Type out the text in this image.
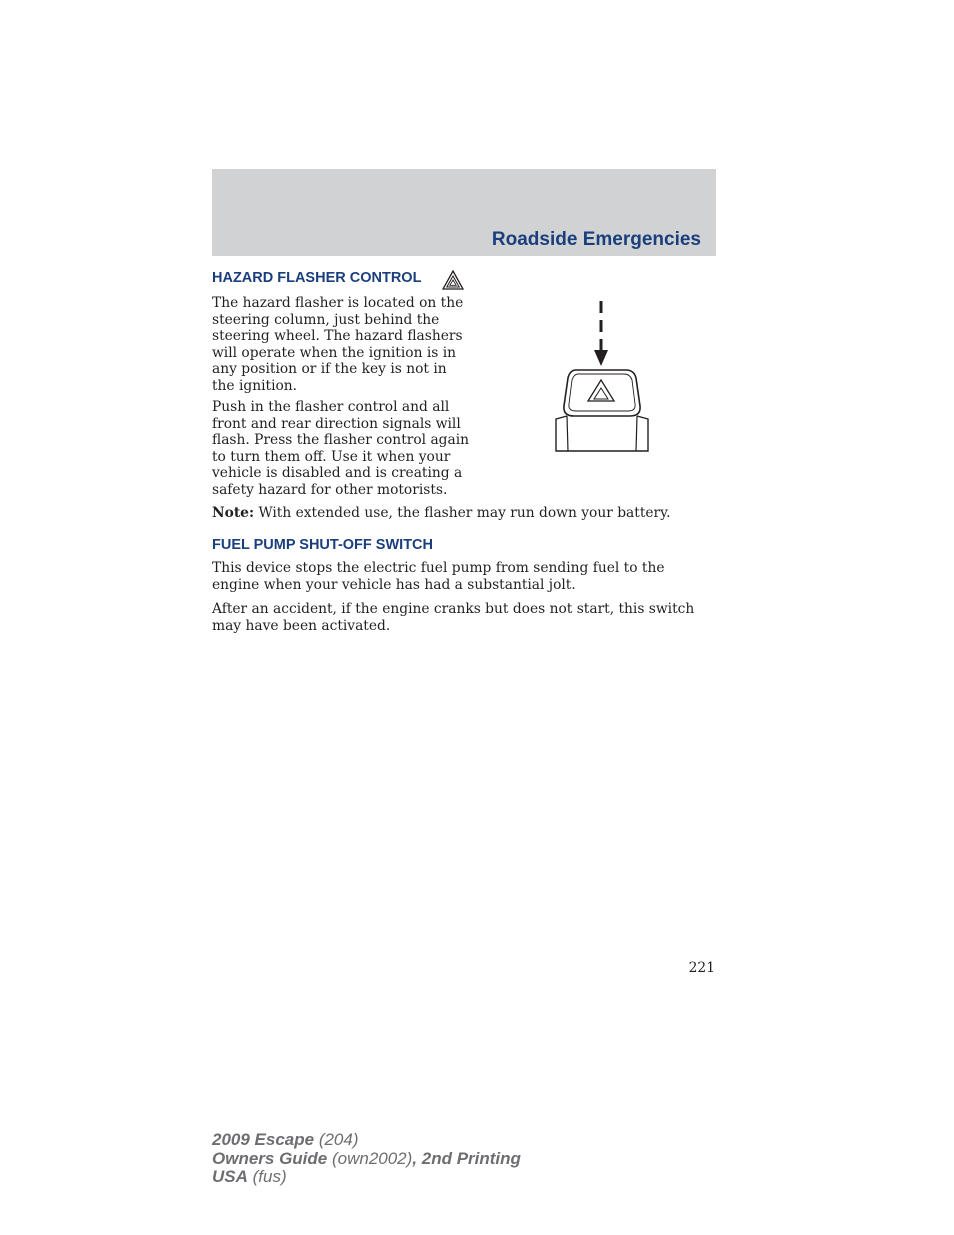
Roadside Emergencies
HAZARD FLASHER CONTROL

The hazard flasher is located on the steering column, just behind the steering wheel. The hazard flashers will operate when the ignition is in any position or if the key is not in the ignition.

Push in the flasher control and all front and rear direction signals will flash. Press the flasher control again to turn them off. Use it when your vehicle is disabled and is creating a safety hazard for other motorists.

Note: With extended use, the flasher may run down your battery.

FUEL PUMP SHUT-OFF SWITCH

This device stops the electric fuel pump from sending fuel to the engine when your vehicle has had a substantial jolt.

After an accident, if the engine cranks but does not start, this switch may have been activated.

221
2009 Escape (204)
Owners Guide (own2002), 2nd Printing
USA (fus)
